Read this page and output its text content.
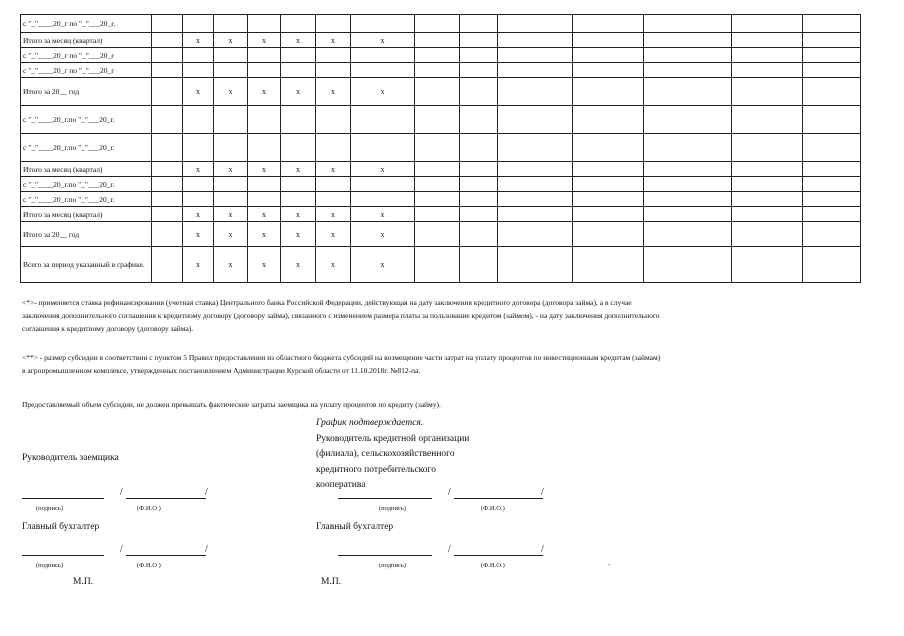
с "_"____20_г по "_"___20_г.														
Итого за месяц (квартал)		х	х	х	х	х	х							
с "_"____20_г по "_"___20_г														
с "_"____20_г по "_"___20_г														
Итого за 20__ год		х	х	х	х	х	х							
с "_"____20_г.по "_"___20_г.														
с "_"____20_г.по "_"___20_г.														
Итого за месяц (квартал)		х	х	х	х	х	х							
с "_"____20_г.по "_"___20_г.														
с "_"____20_г.по "_"___20_г.														
Итого за месяц (квартал)		х	х	х	х	х	х							
Итого за 20__ год		х	х	х	х	х	х							
Всего за период указанный в графике.		х	х	х	х	х	х							
<*>- применяется ставка рефинансирования (учетная ставка) Центрального банка Российской Федерации, действующая на дату заключения кредитного договора (договора займа), а в случае заключения дополнительного соглашения к кредитному договору (договору займа), связанного с изменением размера платы за пользование кредитом (займом), - на дату заключения дополнительного соглашения к кредитному договору (договору займа).
<**> - размер субсидии в соответствии с пунктом 5 Правил предоставления из областного бюджета субсидий на возмещение части затрат на уплату процентов по инвестиционным кредитам (займам) в агропромышленном комплексе, утвержденных постановлением Администрации Курской области от 11.10.2018г. №812-па.
Предоставляемый объем субсидии, не должен превышать фактические затраты заемщика на уплату процентов по кредиту (займу).
График подтверждается.
Руководитель кредитной организации
(филиала), сельскохозяйственного
кредитного потребительского
кооператива
Руководитель заемщика
/	/
(подпись)	(Ф.И.О )
/	/
(подпись)	(Ф.И.О.)
Главный бухгалтер	Главный бухгалтер
/	/
(подпись)	(Ф.И.О )
/	/
(подпись)	(Ф.И.О.)	.
М.П.	М.П.
